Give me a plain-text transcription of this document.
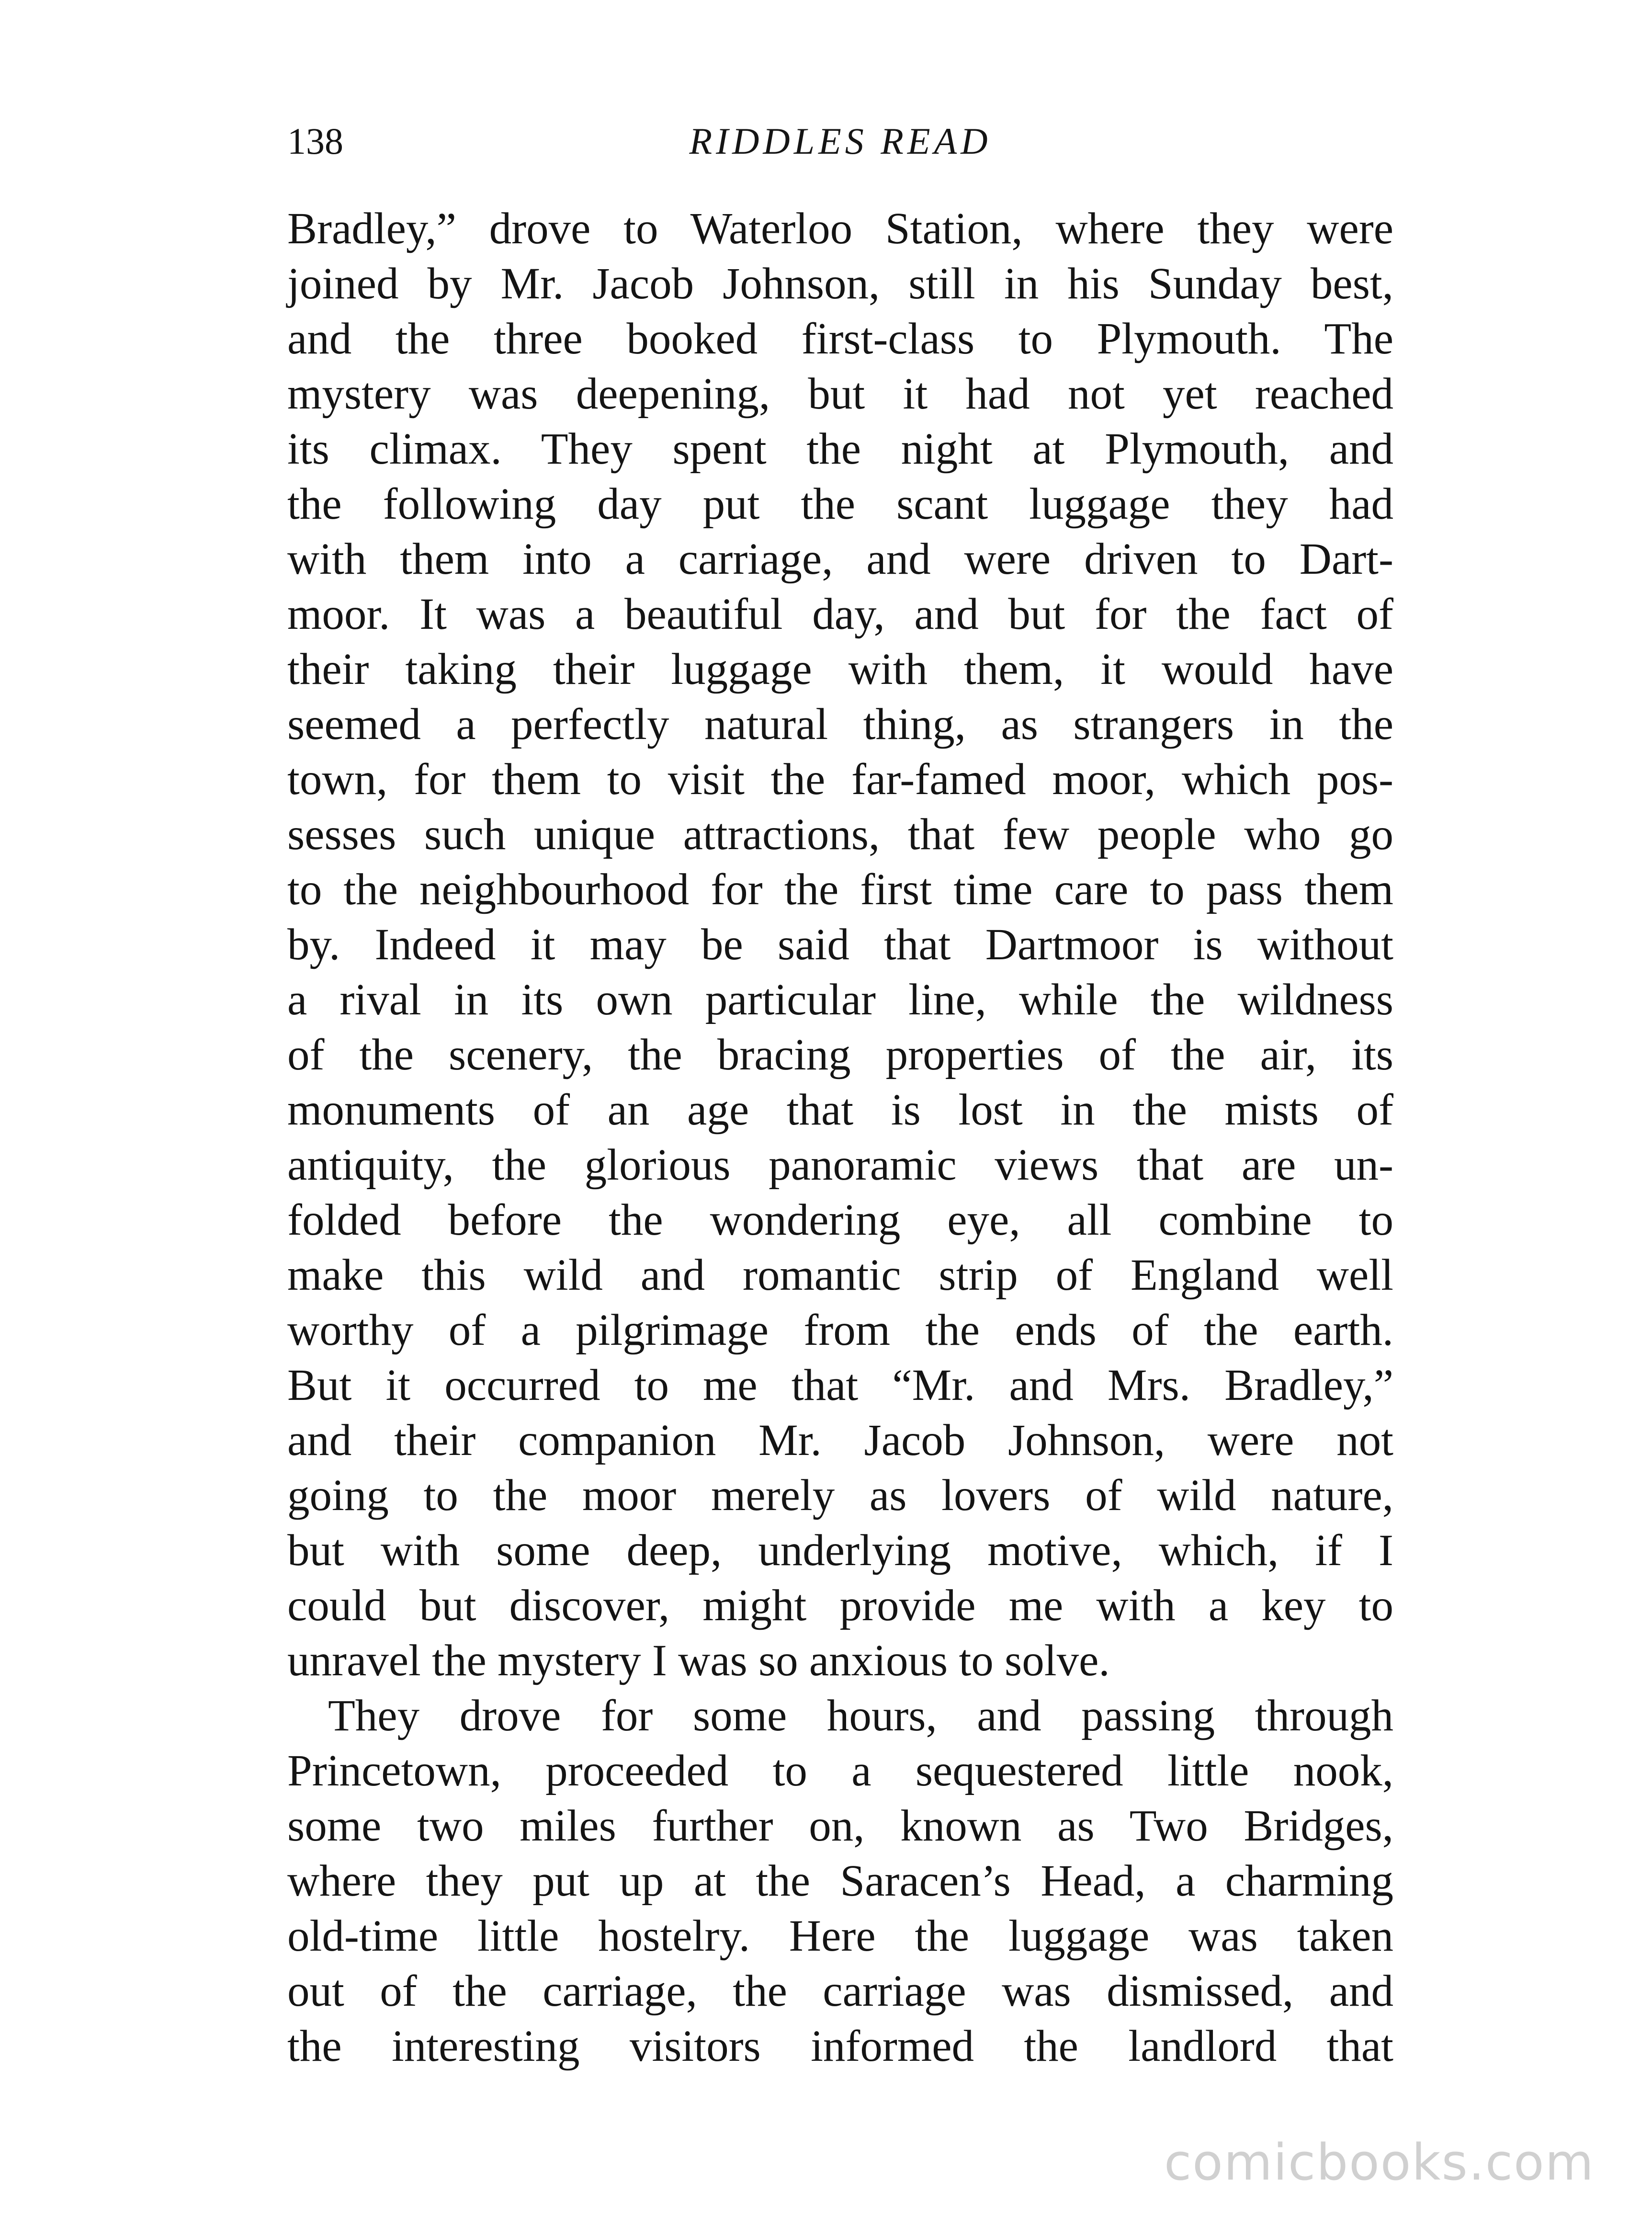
138	RIDDLES READ
Bradley,” drove to Waterloo Station, where they were
joined by Mr. Jacob Johnson, still in his Sunday best,
and the three booked first-class to Plymouth. The
mystery was deepening, but it had not yet reached
its climax. They spent the night at Plymouth, and
the following day put the scant luggage they had
with them into a carriage, and were driven to Dart-
moor. It was a beautiful day, and but for the fact of
their taking their luggage with them, it would have
seemed a perfectly natural thing, as strangers in the
town, for them to visit the far-famed moor, which pos-
sesses such unique attractions, that few people who go
to the neighbourhood for the first time care to pass them
by. Indeed it may be said that Dartmoor is without
a rival in its own particular line, while the wildness
of the scenery, the bracing properties of the air, its
monuments of an age that is lost in the mists of
antiquity, the glorious panoramic views that are un-
folded before the wondering eye, all combine to
make this wild and romantic strip of England well
worthy of a pilgrimage from the ends of the earth.
But it occurred to me that “Mr. and Mrs. Bradley,”
and their companion Mr. Jacob Johnson, were not
going to the moor merely as lovers of wild nature,
but with some deep, underlying motive, which, if I
could but discover, might provide me with a key to
unravel the mystery I was so anxious to solve.
They drove for some hours, and passing through
Princetown, proceeded to a sequestered little nook,
some two miles further on, known as Two Bridges,
where they put up at the Saracen’s Head, a charming
old-time little hostelry. Here the luggage was taken
out of the carriage, the carriage was dismissed, and
the interesting visitors informed the landlord that
comicbooks.com
